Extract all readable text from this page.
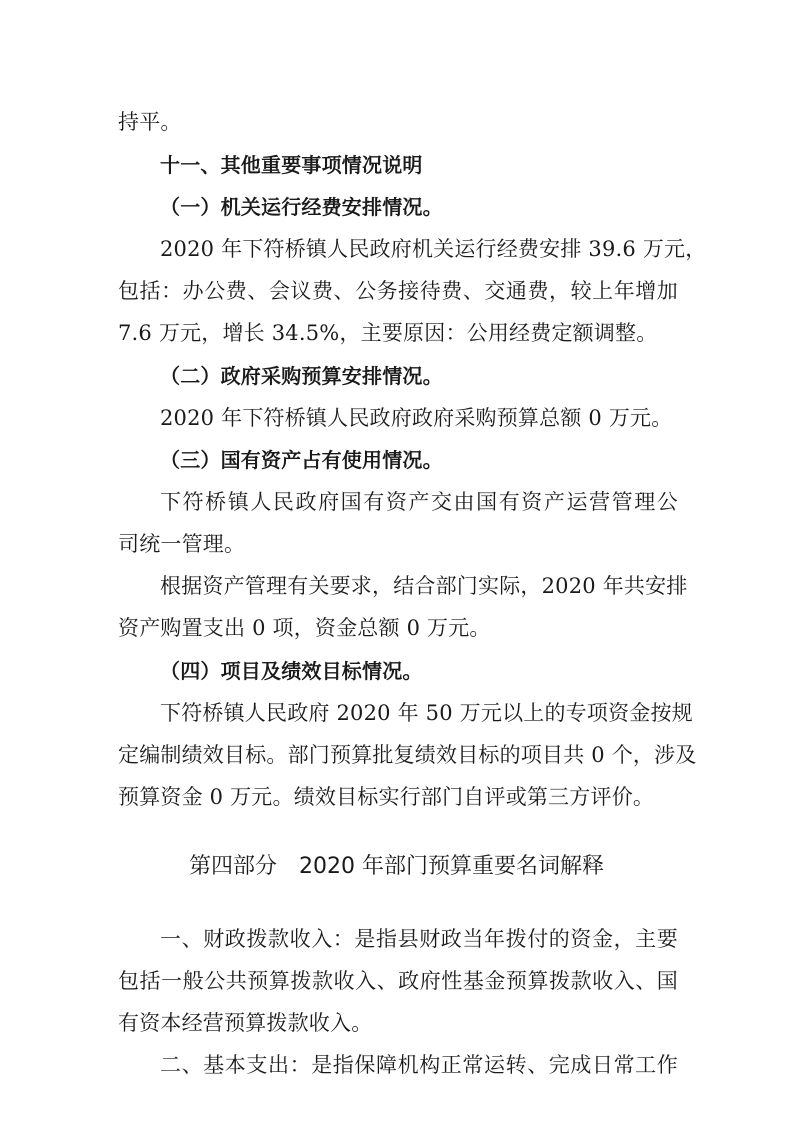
持平。
十一、其他重要事项情况说明
（一）机关运行经费安排情况。
2020 年下符桥镇人民政府机关运行经费安排 39.6 万元，
包括：办公费、会议费、公务接待费、交通费，较上年增加
7.6 万元，增长 34.5%，主要原因：公用经费定额调整。
（二）政府采购预算安排情况。
2020 年下符桥镇人民政府政府采购预算总额 0 万元。
（三）国有资产占有使用情况。
下符桥镇人民政府国有资产交由国有资产运营管理公
司统一管理。
根据资产管理有关要求，结合部门实际，2020 年共安排
资产购置支出 0 项，资金总额 0 万元。
（四）项目及绩效目标情况。
下符桥镇人民政府 2020 年 50 万元以上的专项资金按规
定编制绩效目标。部门预算批复绩效目标的项目共 0 个，涉及
预算资金 0 万元。绩效目标实行部门自评或第三方评价。
第四部分　2020 年部门预算重要名词解释
一、财政拨款收入：是指县财政当年拨付的资金，主要
包括一般公共预算拨款收入、政府性基金预算拨款收入、国
有资本经营预算拨款收入。
二、基本支出：是指保障机构正常运转、完成日常工作
